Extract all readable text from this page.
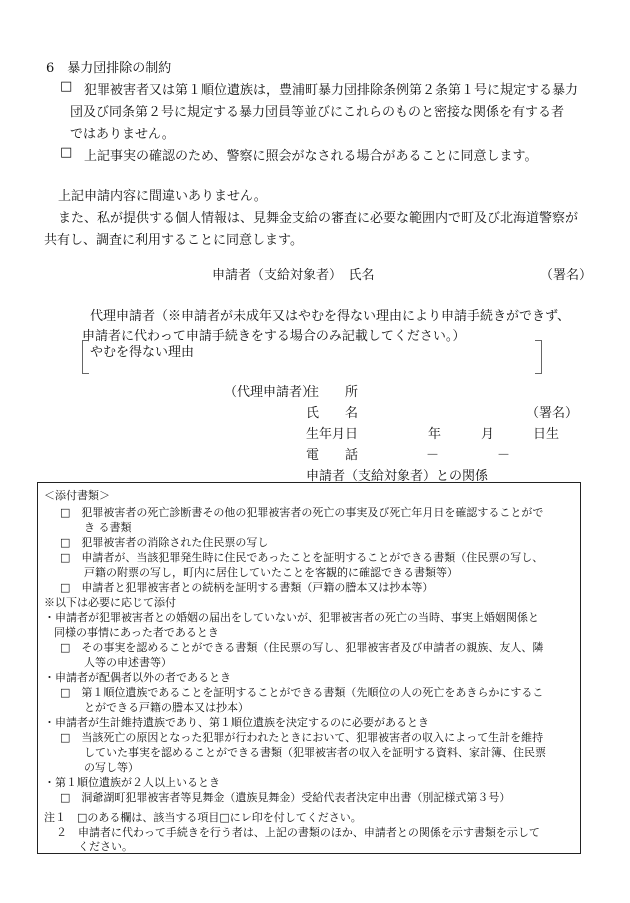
6　暴力団排除の制約
□ 犯罪被害者又は第１順位遺族は，豊浦町暴力団排除条例第２条第１号に規定する暴力
団及び同条第２号に規定する暴力団員等並びにこれらのものと密接な関係を有する者
ではありません。
□ 上記事実の確認のため、警察に照会がなされる場合があることに同意します。
上記申請内容に間違いありません。
また、私が提供する個人情報は、見舞金支給の審査に必要な範囲内で町及び北海道警察が
共有し、調査に利用することに同意します。
申請者（支給対象者）　氏名	（署名）
代理申請者（※申請者が未成年又はやむを得ない理由により申請手続きができず、
申請者に代わって申請手続きをする場合のみ記載してください。）
やむを得ない理由
（代理申請者）
住　　所
氏　　名	（署名）
生年月日	年	月	日生
電　　話	－	－
申請者（支給対象者）との関係
＜添付書類＞
□　犯罪被害者の死亡診断書その他の犯罪被害者の死亡の事実及び死亡年月日を確認することがで
き る書類
□　犯罪被害者の消除された住民票の写し
□　申請者が、当該犯罪発生時に住民であったことを証明することができる書類（住民票の写し、
戸籍の附票の写し，町内に居住していたことを客観的に確認できる書類等）
□　申請者と犯罪被害者との続柄を証明する書類（戸籍の謄本又は抄本等）
※以下は必要に応じて添付
・申請者が犯罪被害者との婚姻の届出をしていないが、犯罪被害者の死亡の当時、事実上婚姻関係と
同様の事情にあった者であるとき
□　その事実を認めることができる書類（住民票の写し、犯罪被害者及び申請者の親族、友人、隣
人等の申述書等）
・申請者が配偶者以外の者であるとき
□　第１順位遺族であることを証明することができる書類（先順位の人の死亡をあきらかにするこ
とができる戸籍の謄本又は抄本）
・申請者が生計維持遺族であり、第１順位遺族を決定するのに必要があるとき
□　当該死亡の原因となった犯罪が行われたときにおいて、犯罪被害者の収入によって生計を維持
していた事実を認めることができる書類（犯罪被害者の収入を証明する資料、家計簿、住民票
の写し等）
・第１順位遺族が２人以上いるとき
□　洞爺湖町犯罪被害者等見舞金（遺族見舞金）受給代表者決定申出書（別記様式第３号）
注１　□のある欄は、該当する項目□にレ印を付してください。
２　申請者に代わって手続きを行う者は、上記の書類のほか、申請者との関係を示す書類を示して
ください。
